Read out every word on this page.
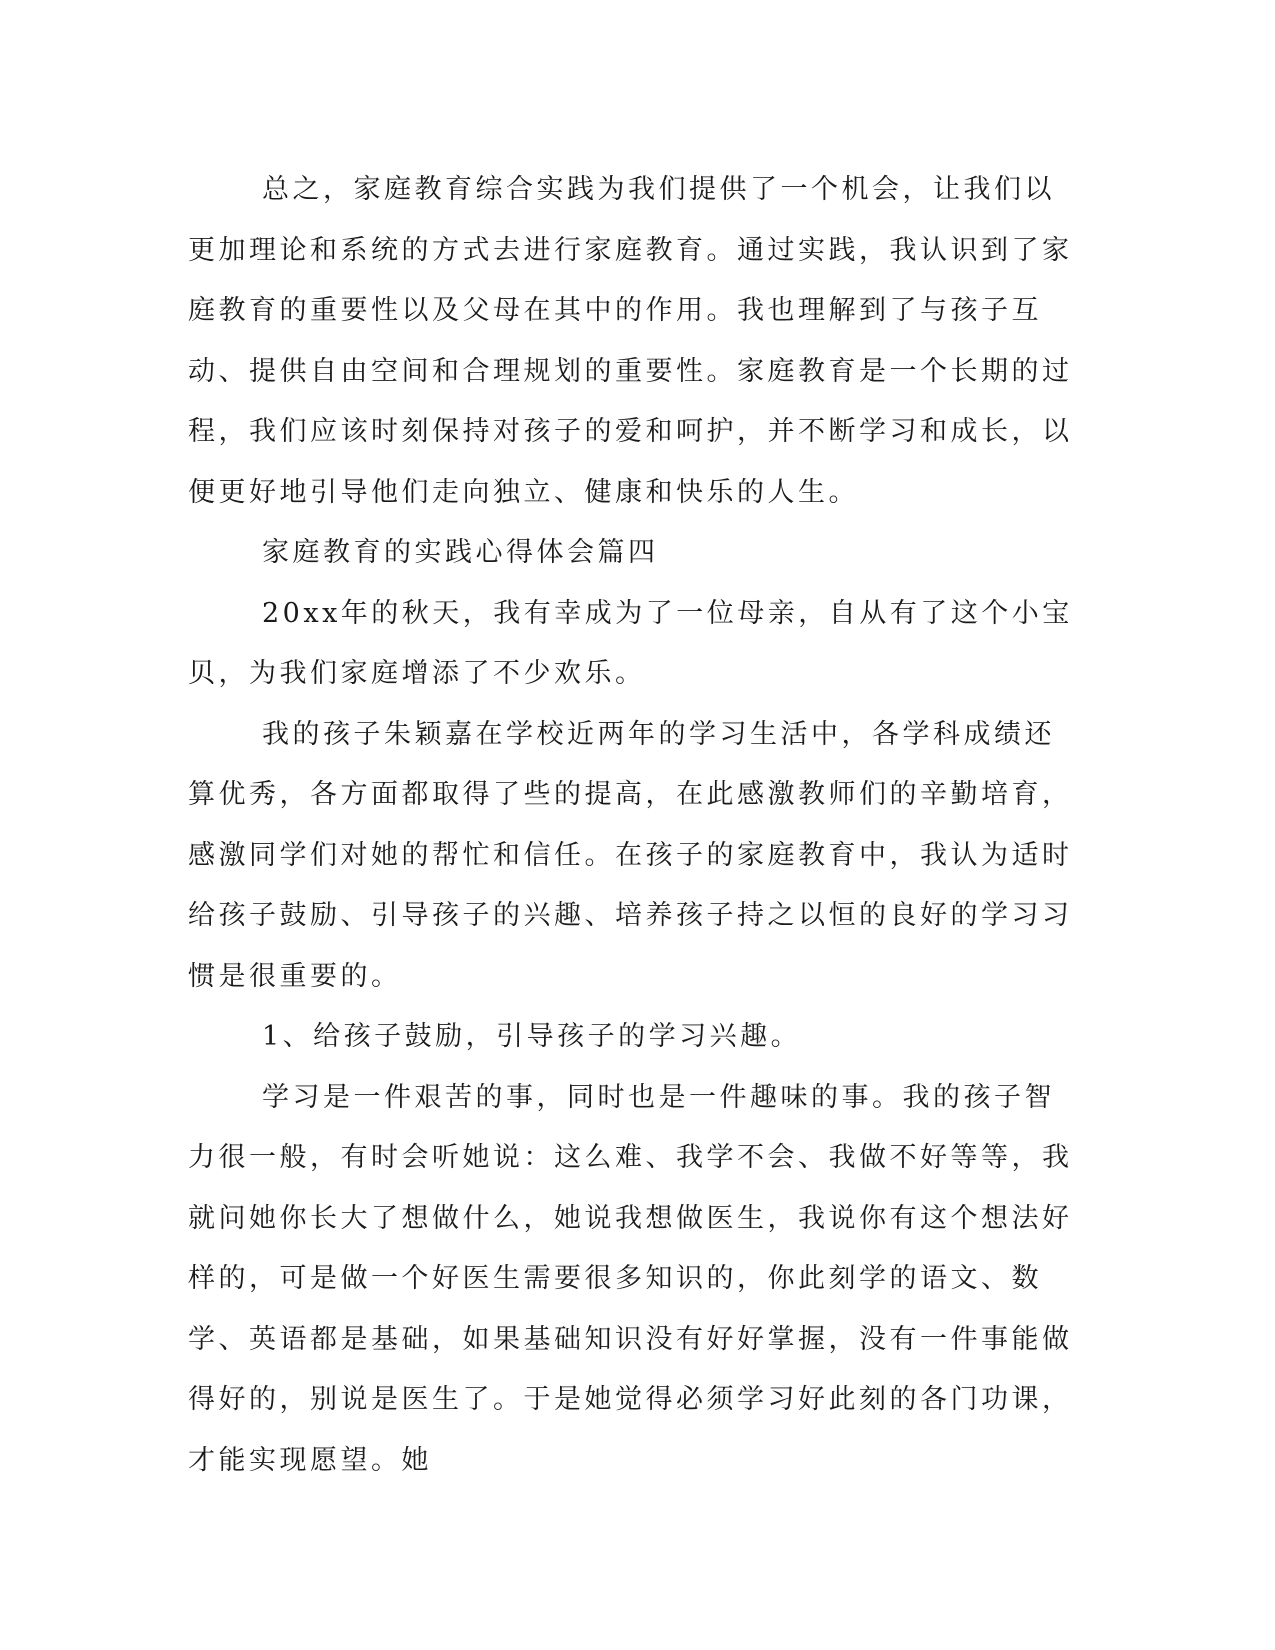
总之，家庭教育综合实践为我们提供了一个机会，让我们以更加理论和系统的方式去进行家庭教育。通过实践，我认识到了家庭教育的重要性以及父母在其中的作用。我也理解到了与孩子互动、提供自由空间和合理规划的重要性。家庭教育是一个长期的过程，我们应该时刻保持对孩子的爱和呵护，并不断学习和成长，以便更好地引导他们走向独立、健康和快乐的人生。

家庭教育的实践心得体会篇四

20xx年的秋天，我有幸成为了一位母亲，自从有了这个小宝贝，为我们家庭增添了不少欢乐。

我的孩子朱颖嘉在学校近两年的学习生活中，各学科成绩还算优秀，各方面都取得了些的提高，在此感激教师们的辛勤培育，感激同学们对她的帮忙和信任。在孩子的家庭教育中，我认为适时给孩子鼓励、引导孩子的兴趣、培养孩子持之以恒的良好的学习习惯是很重要的。

1、给孩子鼓励，引导孩子的学习兴趣。

学习是一件艰苦的事，同时也是一件趣味的事。我的孩子智力很一般，有时会听她说：这么难、我学不会、我做不好等等，我就问她你长大了想做什么，她说我想做医生，我说你有这个想法好样的，可是做一个好医生需要很多知识的，你此刻学的语文、数学、英语都是基础，如果基础知识没有好好掌握，没有一件事能做得好的，别说是医生了。于是她觉得必须学习好此刻的各门功课，才能实现愿望。她
